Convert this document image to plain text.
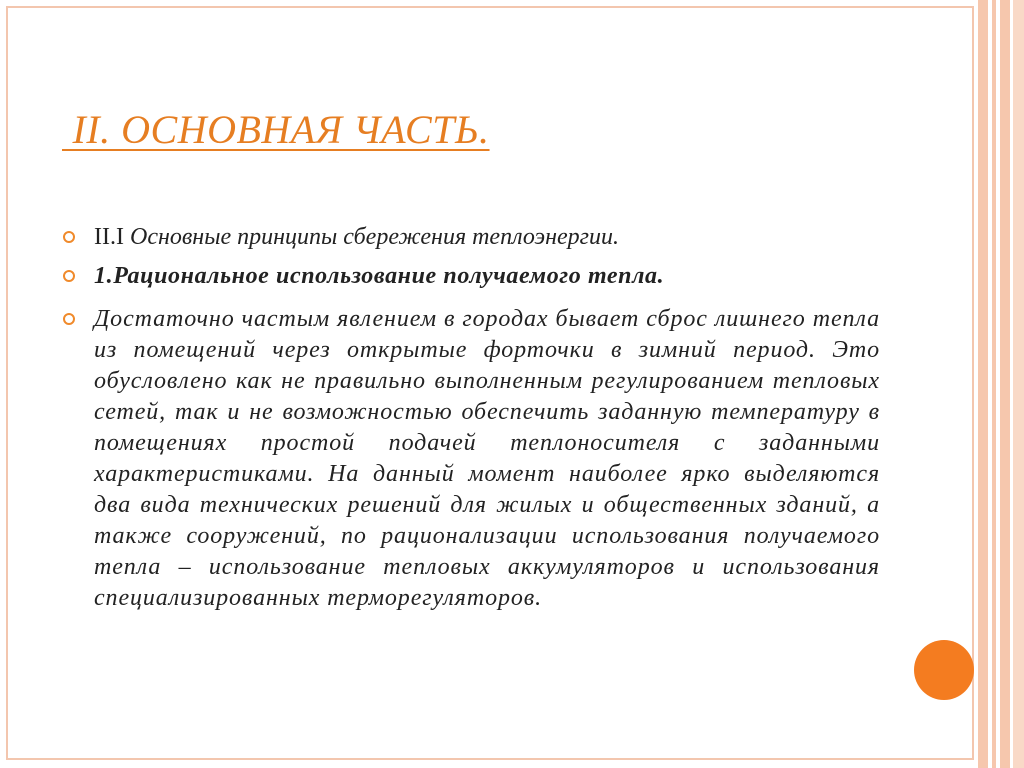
II. ОСНОВНАЯ ЧАСТЬ.
II.I Основные принципы сбережения теплоэнергии.
1.Рациональное использование получаемого тепла.
Достаточно частым явлением в городах бывает сброс лишнего тепла из помещений через открытые форточки в зимний период. Это обусловлено как не правильно выполненным регулированием тепловых сетей, так и не возможностью обеспечить заданную температуру в помещениях простой подачей теплоносителя с заданными характеристиками. На данный момент наиболее ярко выделяются два вида технических решений для жилых и общественных зданий, а также сооружений, по рационализации использования получаемого тепла – использование тепловых аккумуляторов и использования специализированных терморегуляторов.
